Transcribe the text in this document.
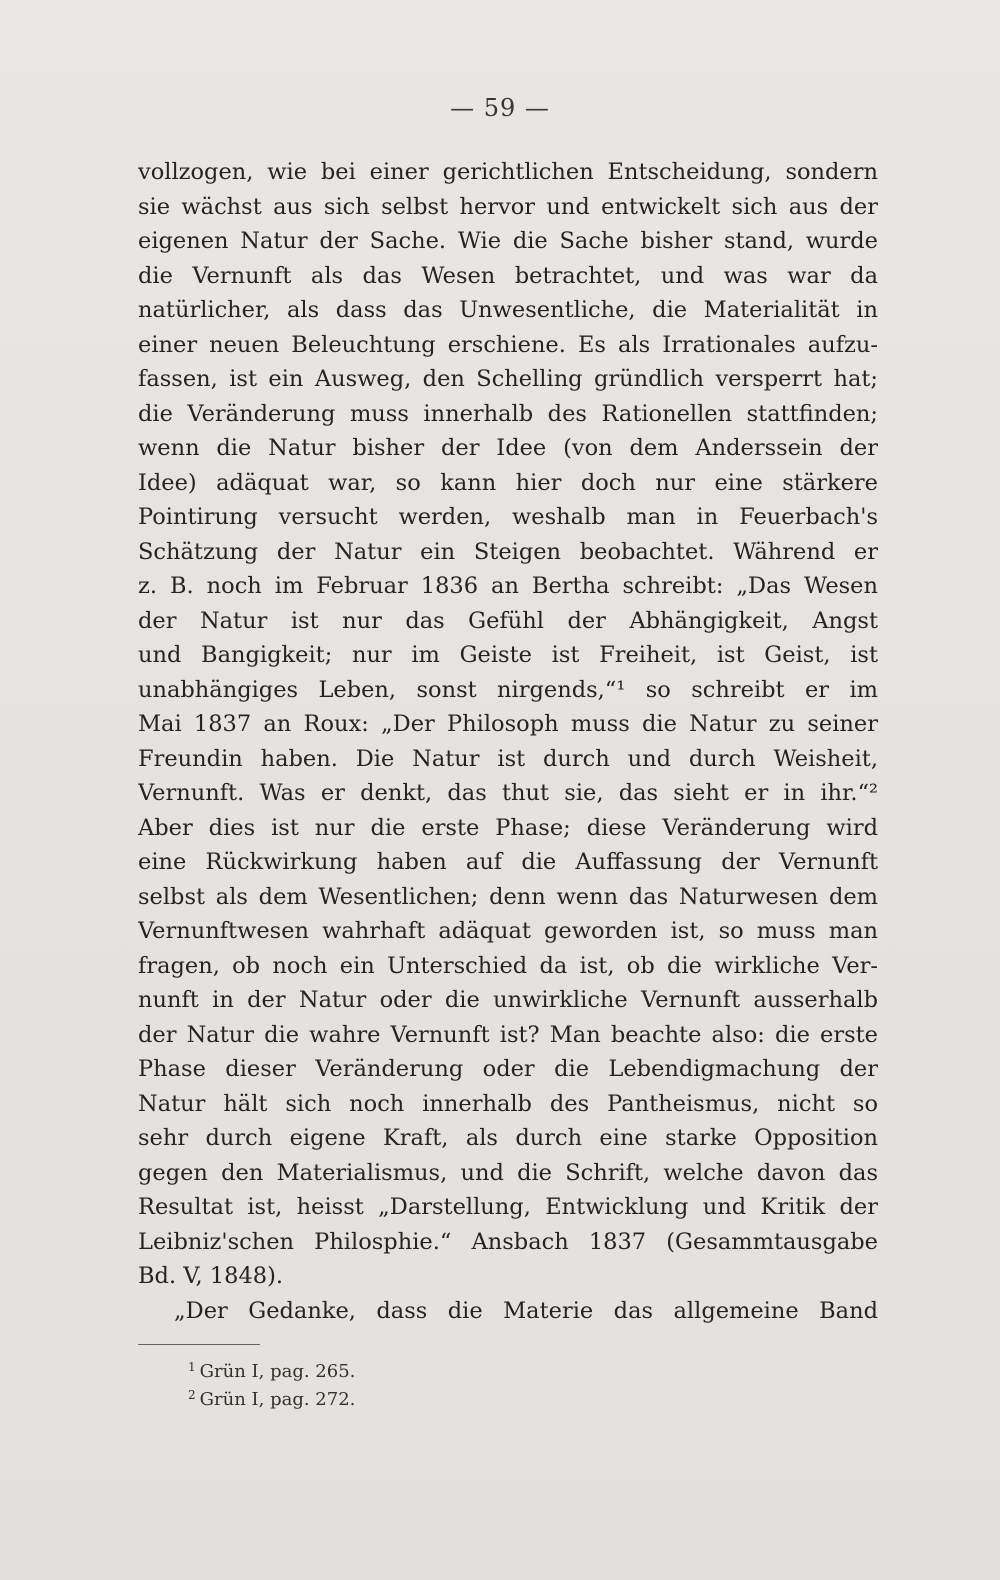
— 59 —
vollzogen, wie bei einer gerichtlichen Entscheidung, sondern
sie wächst aus sich selbst hervor und entwickelt sich aus der
eigenen Natur der Sache. Wie die Sache bisher stand, wurde
die Vernunft als das Wesen betrachtet, und was war da
natürlicher, als dass das Unwesentliche, die Materialität in
einer neuen Beleuchtung erschiene. Es als Irrationales aufzu-
fassen, ist ein Ausweg, den Schelling gründlich versperrt hat;
die Veränderung muss innerhalb des Rationellen stattfinden;
wenn die Natur bisher der Idee (von dem Anderssein der
Idee) adäquat war, so kann hier doch nur eine stärkere
Pointirung versucht werden, weshalb man in Feuerbach's
Schätzung der Natur ein Steigen beobachtet. Während er
z. B. noch im Februar 1836 an Bertha schreibt: „Das Wesen
der Natur ist nur das Gefühl der Abhängigkeit, Angst
und Bangigkeit; nur im Geiste ist Freiheit, ist Geist, ist
unabhängiges Leben, sonst nirgends,“¹ so schreibt er im
Mai 1837 an Roux: „Der Philosoph muss die Natur zu seiner
Freundin haben. Die Natur ist durch und durch Weisheit,
Vernunft. Was er denkt, das thut sie, das sieht er in ihr.“²
Aber dies ist nur die erste Phase; diese Veränderung wird
eine Rückwirkung haben auf die Auffassung der Vernunft
selbst als dem Wesentlichen; denn wenn das Naturwesen dem
Vernunftwesen wahrhaft adäquat geworden ist, so muss man
fragen, ob noch ein Unterschied da ist, ob die wirkliche Ver-
nunft in der Natur oder die unwirkliche Vernunft ausserhalb
der Natur die wahre Vernunft ist? Man beachte also: die erste
Phase dieser Veränderung oder die Lebendigmachung der
Natur hält sich noch innerhalb des Pantheismus, nicht so
sehr durch eigene Kraft, als durch eine starke Opposition
gegen den Materialismus, und die Schrift, welche davon das
Resultat ist, heisst „Darstellung, Entwicklung und Kritik der
Leibniz'schen Philosphie.“ Ansbach 1837 (Gesammtausgabe
Bd. V, 1848).
„Der Gedanke, dass die Materie das allgemeine Band
$^1$ Grün I, pag. 265.
$^2$ Grün I, pag. 272.
